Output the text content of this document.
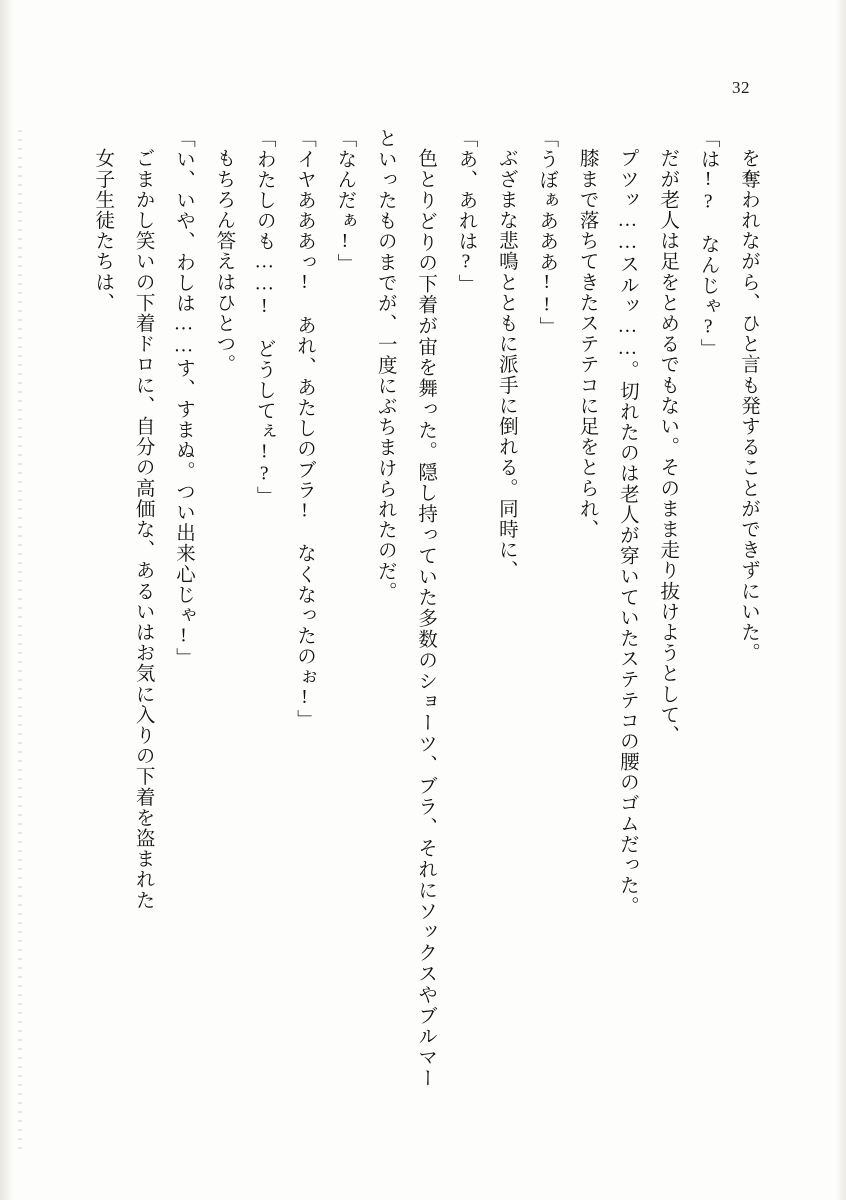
32

を奪われながら、ひと言も発することができずにいた。

「は!?　なんじゃ?」

だが老人は足をとめるでもない。そのまま走り抜けようとして、

プツッ……スルッ……。切れたのは老人が穿いていたステテコの腰のゴムだった。

膝まで落ちてきたステテコに足をとられ、

「うぼぁあああ!!」

ぶざまな悲鳴とともに派手に倒れる。同時に、

「あ、あれは?」

色とりどりの下着が宙を舞った。隠し持っていた多数のショーツ、ブラ、それにソックスやブルマーといったものまでが、一度にぶちまけられたのだ。

「なんだぁ!」

「イヤあああっ!　あれ、あたしのブラ!　なくなったのぉ!」

「わたしのも……!　どうしてぇ!?」

もちろん答えはひとつ。

「い、いや、わしは……す、すまぬ。つい出来心じゃ!」

ごまかし笑いの下着ドロに、自分の高価な、あるいはお気に入りの下着を盗まれた

女子生徒たちは、
